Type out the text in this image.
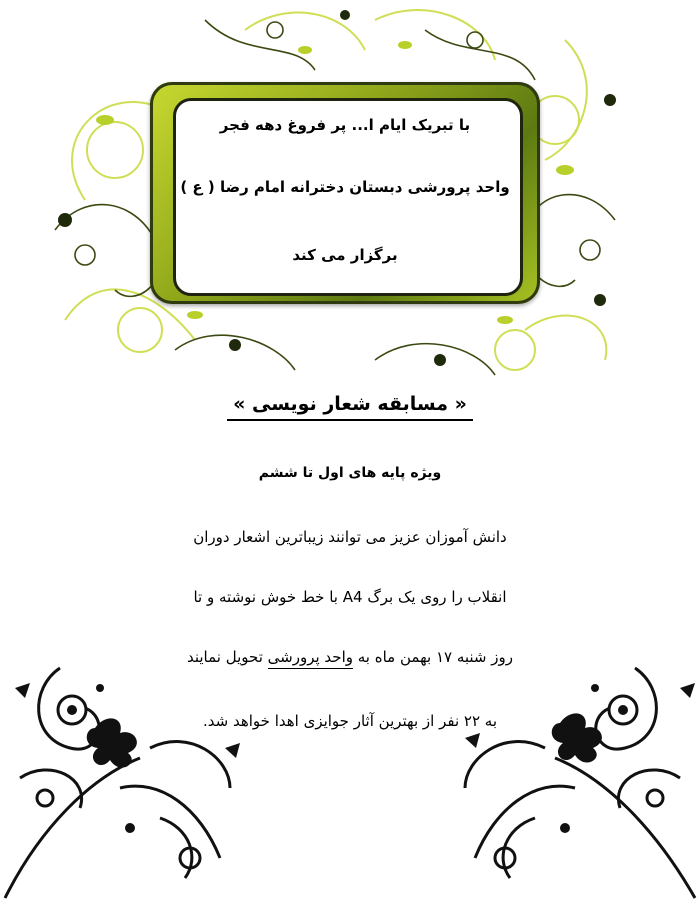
با تبریک ایام ا... پر فروغ دهه فجر
واحد پرورشی دبستان دخترانه امام رضا ( ع )
برگزار می کند
« مسابقه شعار نویسی »
ویژه پایه های اول تا ششم
دانش آموزان عزیز می توانند زیباترین اشعار دوران
انقلاب را روی یک برگ A4 با خط خوش نوشته و تا
روز شنبه ۱۷ بهمن ماه به واحد پرورشی تحویل نمایند
به ۲۲ نفر از بهترین آثار جوایزی اهدا خواهد شد.
